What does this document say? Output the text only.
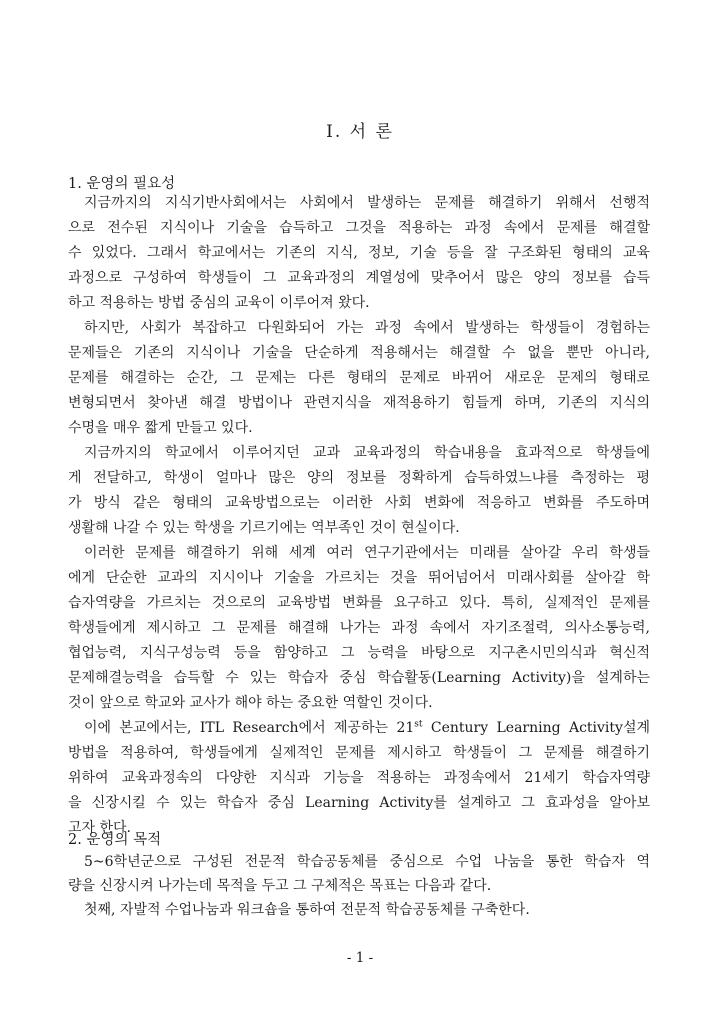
Ⅰ. 서 론
1. 운영의 필요성
지금까지의 지식기반사회에서는 사회에서 발생하는 문제를 해결하기 위해서 선행적
으로 전수된 지식이나 기술을 습득하고 그것을 적용하는 과정 속에서 문제를 해결할
수 있었다. 그래서 학교에서는 기존의 지식, 정보, 기술 등을 잘 구조화된 형태의 교육
과정으로 구성하여 학생들이 그 교육과정의 계열성에 맞추어서 많은 양의 정보를 습득
하고 적용하는 방법 중심의 교육이 이루어져 왔다.
하지만, 사회가 복잡하고 다원화되어 가는 과정 속에서 발생하는 학생들이 경험하는
문제들은 기존의 지식이나 기술을 단순하게 적용해서는 해결할 수 없을 뿐만 아니라,
문제를 해결하는 순간, 그 문제는 다른 형태의 문제로 바뀌어 새로운 문제의 형태로
변형되면서 찾아낸 해결 방법이나 관련지식을 재적용하기 힘들게 하며, 기존의 지식의
수명을 매우 짧게 만들고 있다.
지금까지의 학교에서 이루어지던 교과 교육과정의 학습내용을 효과적으로 학생들에
게 전달하고, 학생이 얼마나 많은 양의 정보를 정확하게 습득하였느냐를 측정하는 평
가 방식 같은 형태의 교육방법으로는 이러한 사회 변화에 적응하고 변화를 주도하며
생활해 나갈 수 있는 학생을 기르기에는 역부족인 것이 현실이다.
이러한 문제를 해결하기 위해 세계 여러 연구기관에서는 미래를 살아갈 우리 학생들
에게 단순한 교과의 지시이나 기술을 가르치는 것을 뛰어넘어서 미래사회를 살아갈 학
습자역량을 가르치는 것으로의 교육방법 변화를 요구하고 있다. 특히, 실제적인 문제를
학생들에게 제시하고 그 문제를 해결해 나가는 과정 속에서 자기조절력, 의사소통능력,
협업능력, 지식구성능력 등을 함양하고 그 능력을 바탕으로 지구촌시민의식과 혁신적
문제해결능력을 습득할 수 있는 학습자 중심 학습활동(Learning Activity)을 설계하는
것이 앞으로 학교와 교사가 해야 하는 중요한 역할인 것이다.
이에 본교에서는, ITL Research에서 제공하는 21st Century Learning Activity설계
방법을 적용하여, 학생들에게 실제적인 문제를 제시하고 학생들이 그 문제를 해결하기
위하여 교육과정속의 다양한 지식과 기능을 적용하는 과정속에서 21세기 학습자역량
을 신장시킬 수 있는 학습자 중심 Learning Activity를 설계하고 그 효과성을 알아보
고자 한다.
2. 운영의 목적
5~6학년군으로 구성된 전문적 학습공동체를 중심으로 수업 나눔을 통한 학습자 역
량을 신장시켜 나가는데 목적을 두고 그 구체적은 목표는 다음과 같다.
첫째, 자발적 수업나눔과 워크숍을 통하여 전문적 학습공동체를 구축한다.
- 1 -
